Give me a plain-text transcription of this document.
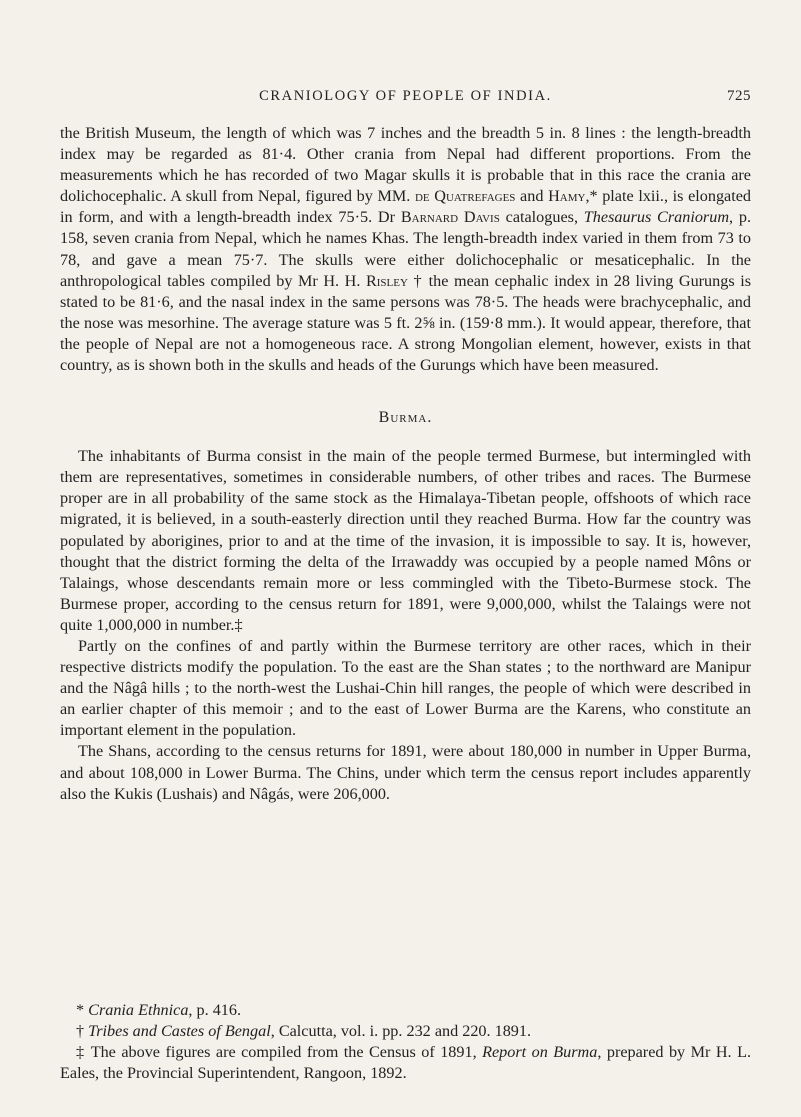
CRANIOLOGY OF PEOPLE OF INDIA.	725

the British Museum, the length of which was 7 inches and the breadth 5 in. 8 lines : the length-breadth index may be regarded as 81·4. Other crania from Nepal had different proportions. From the measurements which he has recorded of two Magar skulls it is probable that in this race the crania are dolichocephalic. A skull from Nepal, figured by MM. de Quatrefages and Hamy,* plate lxii., is elongated in form, and with a length-breadth index 75·5. Dr Barnard Davis catalogues, Thesaurus Craniorum, p. 158, seven crania from Nepal, which he names Khas. The length-breadth index varied in them from 73 to 78, and gave a mean 75·7. The skulls were either dolichocephalic or mesaticephalic. In the anthropological tables compiled by Mr H. H. Risley † the mean cephalic index in 28 living Gurungs is stated to be 81·6, and the nasal index in the same persons was 78·5. The heads were brachycephalic, and the nose was mesorhine. The average stature was 5 ft. 2⅝ in. (159·8 mm.). It would appear, therefore, that the people of Nepal are not a homogeneous race. A strong Mongolian element, however, exists in that country, as is shown both in the skulls and heads of the Gurungs which have been measured.

Burma.

The inhabitants of Burma consist in the main of the people termed Burmese, but intermingled with them are representatives, sometimes in considerable numbers, of other tribes and races. The Burmese proper are in all probability of the same stock as the Himalaya-Tibetan people, offshoots of which race migrated, it is believed, in a south-easterly direction until they reached Burma. How far the country was populated by aborigines, prior to and at the time of the invasion, it is impossible to say. It is, however, thought that the district forming the delta of the Irrawaddy was occupied by a people named Môns or Talaings, whose descendants remain more or less commingled with the Tibeto-Burmese stock. The Burmese proper, according to the census return for 1891, were 9,000,000, whilst the Talaings were not quite 1,000,000 in number.‡

Partly on the confines of and partly within the Burmese territory are other races, which in their respective districts modify the population. To the east are the Shan states ; to the northward are Manipur and the Nâgâ hills ; to the north-west the Lushai-Chin hill ranges, the people of which were described in an earlier chapter of this memoir ; and to the east of Lower Burma are the Karens, who constitute an important element in the population.

The Shans, according to the census returns for 1891, were about 180,000 in number in Upper Burma, and about 108,000 in Lower Burma. The Chins, under which term the census report includes apparently also the Kukis (Lushais) and Nâgás, were 206,000.

* Crania Ethnica, p. 416.

† Tribes and Castes of Bengal, Calcutta, vol. i. pp. 232 and 220. 1891.

‡ The above figures are compiled from the Census of 1891, Report on Burma, prepared by Mr H. L. Eales, the Provincial Superintendent, Rangoon, 1892.
